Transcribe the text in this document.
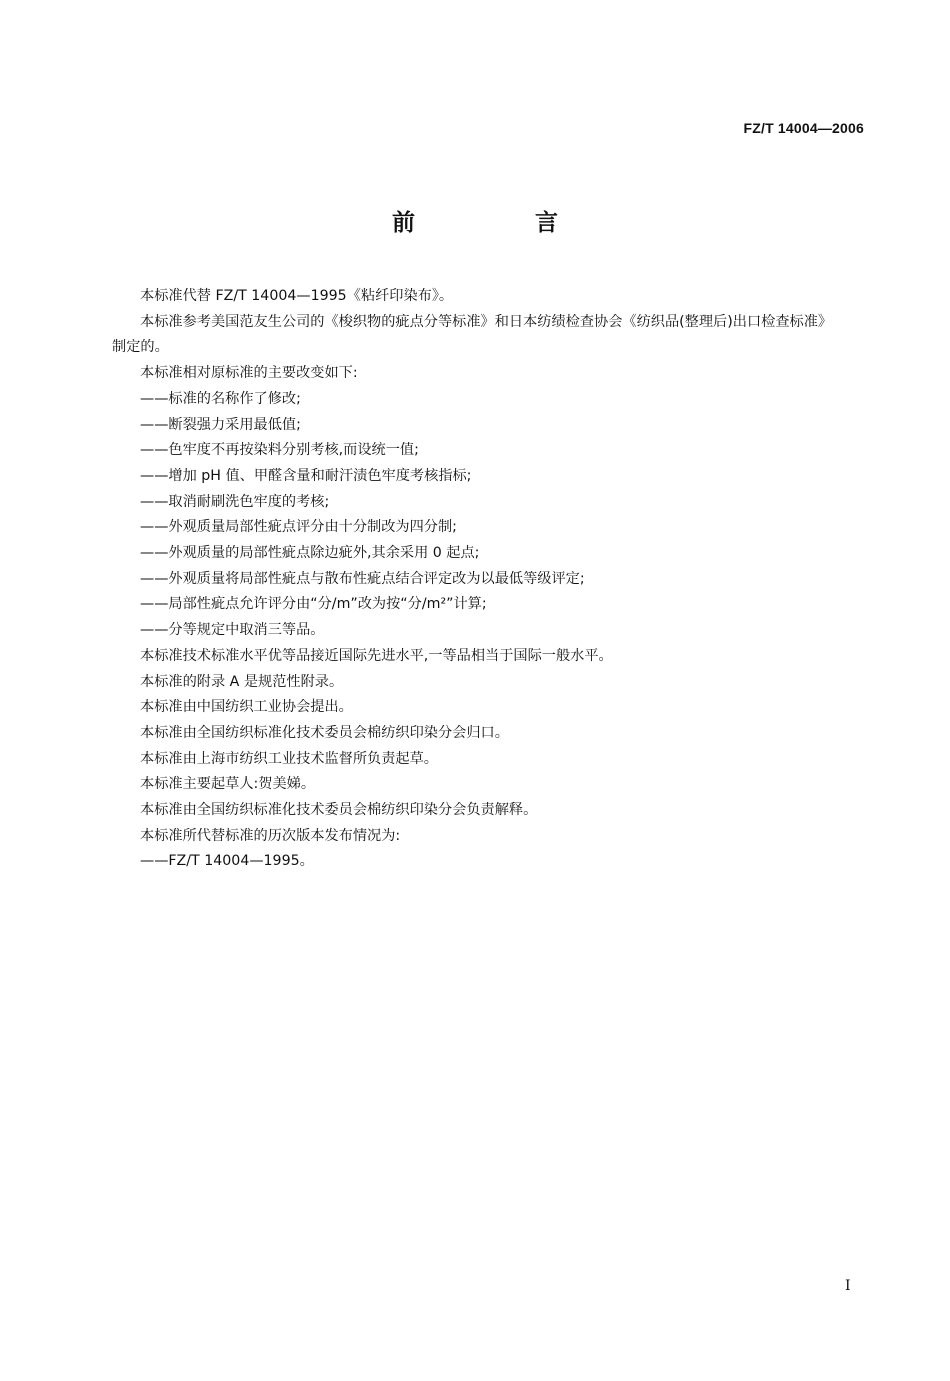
FZ/T 14004—2006
前 言

本标准代替 FZ/T 14004—1995《粘纤印染布》。

本标准参考美国范友生公司的《梭织物的疵点分等标准》和日本纺绩检查协会《纺织品(整理后)出口检查标准》制定的。

本标准相对原标准的主要改变如下:

——标准的名称作了修改;

——断裂强力采用最低值;

——色牢度不再按染料分别考核,而设统一值;

——增加 pH 值、甲醛含量和耐汗渍色牢度考核指标;

——取消耐刷洗色牢度的考核;

——外观质量局部性疵点评分由十分制改为四分制;

——外观质量的局部性疵点除边疵外,其余采用 0 起点;

——外观质量将局部性疵点与散布性疵点结合评定改为以最低等级评定;

——局部性疵点允许评分由“分/m”改为按“分/m²”计算;

——分等规定中取消三等品。

本标准技术标准水平优等品接近国际先进水平,一等品相当于国际一般水平。

本标准的附录 A 是规范性附录。

本标准由中国纺织工业协会提出。

本标准由全国纺织标准化技术委员会棉纺织印染分会归口。

本标准由上海市纺织工业技术监督所负责起草。

本标准主要起草人:贺美娣。

本标准由全国纺织标准化技术委员会棉纺织印染分会负责解释。

本标准所代替标准的历次版本发布情况为:

——FZ/T 14004—1995。

I
